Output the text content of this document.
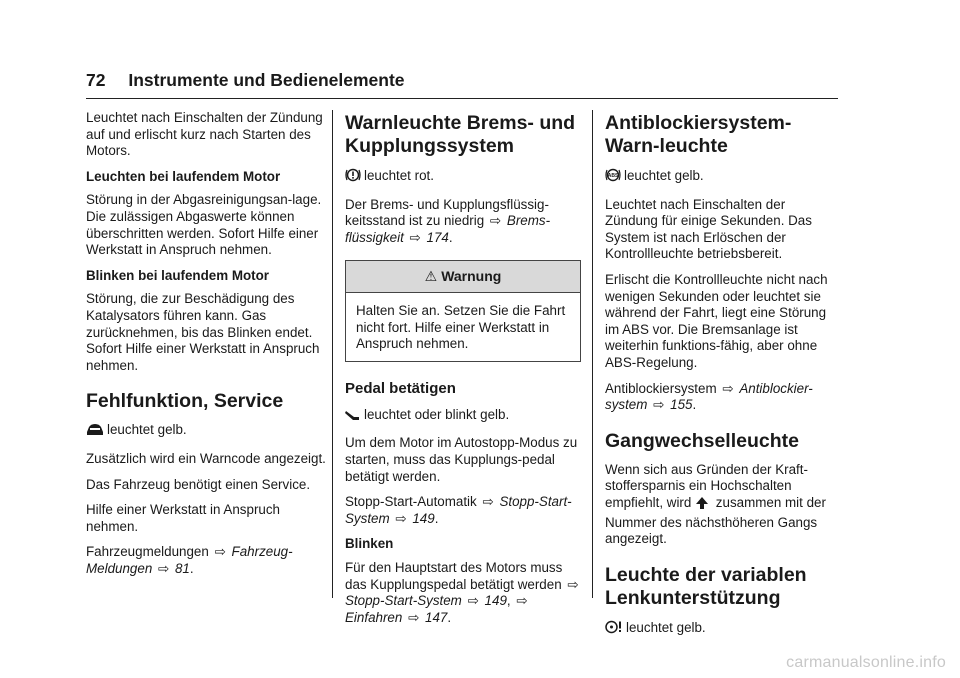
72 Instrumente und Bedienelemente

Leuchtet nach Einschalten der Zündung auf und erlischt kurz nach Starten des Motors.

Leuchten bei laufendem Motor

Störung in der Abgasreinigungsan-lage. Die zulässigen Abgaswerte können überschritten werden. Sofort Hilfe einer Werkstatt in Anspruch nehmen.

Blinken bei laufendem Motor

Störung, die zur Beschädigung des Katalysators führen kann. Gas zurücknehmen, bis das Blinken endet. Sofort Hilfe einer Werkstatt in Anspruch nehmen.

Fehlfunktion, Service

leuchtet gelb.

Zusätzlich wird ein Warncode angezeigt.

Das Fahrzeug benötigt einen Service.

Hilfe einer Werkstatt in Anspruch nehmen.

Fahrzeugmeldungen ⇨ Fahrzeug-Meldungen ⇨ 81.

Warnleuchte Brems- und Kupplungssystem

leuchtet rot.

Der Brems- und Kupplungsflüssig-keitsstand ist zu niedrig ⇨ Brems-flüssigkeit ⇨ 174.

⚠ Warnung

Halten Sie an. Setzen Sie die Fahrt nicht fort. Hilfe einer Werkstatt in Anspruch nehmen.

Pedal betätigen

leuchtet oder blinkt gelb.

Um dem Motor im Autostopp-Modus zu starten, muss das Kupplungs-pedal betätigt werden.

Stopp-Start-Automatik ⇨ Stopp-Start-System ⇨ 149.

Blinken

Für den Hauptstart des Motors muss das Kupplungspedal betätigt werden ⇨ Stopp-Start-System ⇨ 149, ⇨ Einfahren ⇨ 147.

Antiblockiersystem-Warn-leuchte

ABS leuchtet gelb.

Leuchtet nach Einschalten der Zündung für einige Sekunden. Das System ist nach Erlöschen der Kontrollleuchte betriebsbereit.

Erlischt die Kontrollleuchte nicht nach wenigen Sekunden oder leuchtet sie während der Fahrt, liegt eine Störung im ABS vor. Die Bremsanlage ist weiterhin funktions-fähig, aber ohne ABS-Regelung.

Antiblockiersystem ⇨ Antiblockier-system ⇨ 155.

Gangwechselleuchte

Wenn sich aus Gründen der Kraft-stoffersparnis ein Hochschalten empfiehlt, wird zusammen mit der Nummer des nächsthöheren Gangs angezeigt.

Leuchte der variablen Lenkunterstützung

leuchtet gelb.

carmanualsonline.info
